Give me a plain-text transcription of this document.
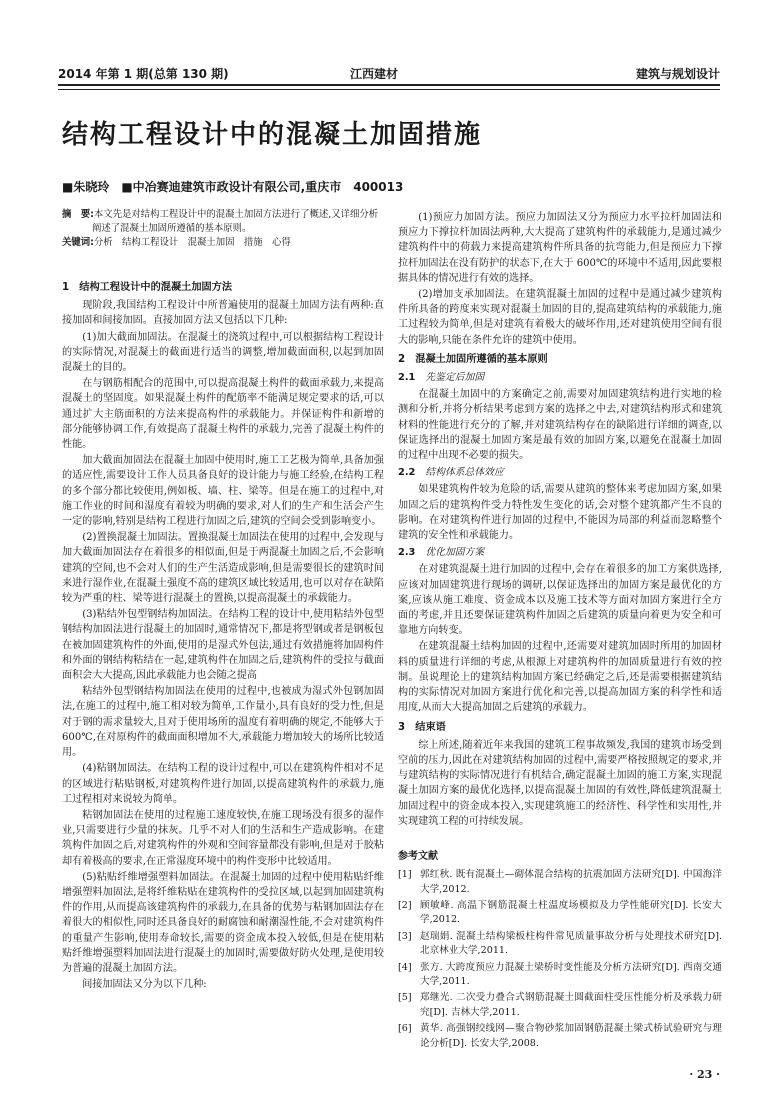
2014 年第 1 期(总第 130 期)	江西建材	建筑与规划设计
结构工程设计中的混凝土加固措施
■朱晓玲　■中冶赛迪建筑市政设计有限公司,重庆市　400013
摘　要:本文先是对结构工程设计中的混凝土加固方法进行了概述,又详细分析
阐述了混凝土加固所遵循的基本原则。
关键词:分析　结构工程设计　混凝土加固　措施　心得
1　结构工程设计中的混凝土加固方法

现阶段,我国结构工程设计中所普遍使用的混凝土加固方法有两种:直接加固和间接加固。直接加固方法又包括以下几种:

(1)加大截面加固法。在混凝土的浇筑过程中,可以根据结构工程设计的实际情况,对混凝土的截面进行适当的调整,增加截面面积,以起到加固混凝土的目的。

在与钢筋相配合的范围中,可以提高混凝土构件的截面承载力,来提高混凝土的坚固度。如果混凝土构件的配筋率不能满足规定要求的话,可以通过扩大主筋面积的方法来提高构件的承载能力。并保证构件和新增的部分能够协调工作,有效提高了混凝土构件的承载力,完善了混凝土构件的性能。

加大截面加固法在混凝土加固中使用时,施工工艺极为简单,具备加强的适应性,需要设计工作人员具备良好的设计能力与施工经验,在结构工程的多个部分都比较使用,例如板、墙、柱、梁等。但是在施工的过程中,对施工作业的时间和湿度有着较为明确的要求,对人们的生产和生活会产生一定的影响,特别是结构工程进行加固之后,建筑的空间会受到影响变小。

(2)置换混凝土加固法。置换混凝土加固法在使用的过程中,会发现与加大截面加固法存在着很多的相似面,但是于两混凝土加固之后,不会影响建筑的空间,也不会对人们的生产生活造成影响,但是需要很长的建筑时间来进行湿作业,在混凝土强度不高的建筑区域比较适用,也可以对存在缺陷较为严重的柱、梁等进行混凝土的置换,以提高混凝土的承载能力。

(3)粘结外包型钢结构加固法。在结构工程的设计中,使用粘结外包型钢结构加固法进行混凝土的加固时,通常情况下,都是将型钢或者是钢板包在被加固建筑构件的外面,使用的是湿式外包法,通过有效措施将加固构件和外面的钢结构粘结在一起,建筑构件在加固之后,建筑构件的受拉与截面面积会大大提高,因此承载能力也会随之提高

粘结外包型钢结构加固法在使用的过程中,也被成为湿式外包钢加固法,在施工的过程中,施工相对较为简单,工作量小,具有良好的受力性,但是对于钢的需求量较大,且对于使用场所的温度有着明确的规定,不能够大于 600℃,在对原构件的截面面积增加不大,承载能力增加较大的场所比较适用。

(4)粘钢加固法。在结构工程的设计过程中,可以在建筑构件相对不足的区域进行粘贴钢板,对建筑构件进行加固,以提高建筑构件的承载力,施工过程相对来说较为简单。

粘钢加固法在使用的过程施工速度较快,在施工现场没有很多的湿作业,只需要进行少量的抹灰。几乎不对人们的生活和生产造成影响。在建筑构件加固之后,对建筑构件的外观和空间容量都没有影响,但是对于胶粘却有着极高的要求,在正常湿度环境中的构件变形中比较适用。

(5)粘贴纤维增强塑料加固法。在混凝土加固的过程中使用粘贴纤维增强塑料加固法,是将纤维粘贴在建筑构件的受拉区域,以起到加固建筑构件的作用,从而提高该建筑构件的承载力,在具备的优势与粘钢加固法存在着很大的相似性,同时还具备良好的耐腐蚀和耐潮湿性能,不会对建筑构件的重量产生影响,使用寿命较长,需要的资金成本投入较低,但是在使用粘贴纤维增强塑料加固法进行混凝土的加固时,需要做好防火处理,是使用较为普遍的混凝土加固方法。

间接加固法又分为以下几种:

(1)预应力加固方法。预应力加固法又分为预应力水平拉杆加固法和预应力下撑拉杆加固法两种,大大提高了建筑构件的承载能力,是通过减少建筑构件中的荷载力来提高建筑构件所具备的抗弯能力,但是预应力下撑拉杆加固法在没有防护的状态下,在大于 600℃的环境中不适用,因此要根据具体的情况进行有效的选择。

(2)增加支承加固法。在建筑混凝土加固的过程中是通过减少建筑构件所具备的跨度来实现对混凝土加固的目的,提高建筑结构的承载能力,施工过程较为简单,但是对建筑有着极大的破坏作用,还对建筑使用空间有很大的影响,只能在条件允许的建筑中使用。

2　混凝土加固所遵循的基本原则
2.1 先鉴定后加固

在混凝土加固中的方案确定之前,需要对加固建筑结构进行实地的检测和分析,并将分析结果考虑到方案的选择之中去,对建筑结构形式和建筑材料的性能进行充分的了解,并对建筑结构存在的缺陷进行详细的调查,以保证选择出的混凝土加固方案是最有效的加固方案,以避免在混凝土加固的过程中出现不必要的损失。

2.2 结构体系总体效应

如果建筑构件较为危险的话,需要从建筑的整体来考虑加固方案,如果加固之后的建筑构件受力特性发生变化的话,会对整个建筑都产生不良的影响。在对建筑构件进行加固的过程中,不能因为局部的利益而忽略整个建筑的安全性和承载能力。

2.3 优化加固方案

在对建筑混凝土进行加固的过程中,会存在着很多的加工方案供选择,应该对加固建筑进行现场的调研,以保证选择出的加固方案是最优化的方案,应该从施工难度、资金成本以及施工技术等方面对加固方案进行全方面的考虑,并且还要保证建筑构件加固之后建筑的质量向着更为安全和可靠地方向转变。

在建筑混凝土结构加固的过程中,还需要对建筑加固时所用的加固材料的质量进行详细的考虑,从根源上对建筑构件的加固质量进行有效的控制。虽说理论上的建筑结构加固方案已经确定之后,还是需要根据建筑结构的实际情况对加固方案进行优化和完善,以提高加固方案的科学性和适用度,从而大大提高加固之后建筑的承载力。

3　结束语

综上所述,随着近年来我国的建筑工程事故频发,我国的建筑市场受到空前的压力,因此在对建筑结构加固的过程中,需要严格按照规定的要求,并与建筑结构的实际情况进行有机结合,确定混凝土加固的施工方案,实现混凝土加固方案的最优化选择,以提高混凝土加固的有效性,降低建筑混凝土加固过程中的资金成本投入,实现建筑施工的经济性、科学性和实用性,并实现建筑工程的可持续发展。

参考文献
[1] 郭红秋. 既有混凝土—砌体混合结构的抗震加固方法研究[D]. 中国海洋大学,2012.
[2] 顾敏峰. 高温下钢筋混凝土柱温度场模拟及力学性能研究[D]. 长安大学,2012.
[3] 赵瑞娟. 混凝土结构梁板柱构件常见质量事故分析与处理技术研究[D]. 北京林业大学,2011.
[4] 张方. 大跨度预应力混凝土梁桥时变性能及分析方法研究[D]. 西南交通大学,2011.
[5] 郑继光. 二次受力叠合式钢筋混凝土圆截面柱受压性能分析及承载力研究[D]. 吉林大学,2011.
[6] 黄华. 高强钢绞线网—聚合物砂浆加固钢筋混凝土梁式桥试验研究与理论分析[D]. 长安大学,2008.
· 23 ·
